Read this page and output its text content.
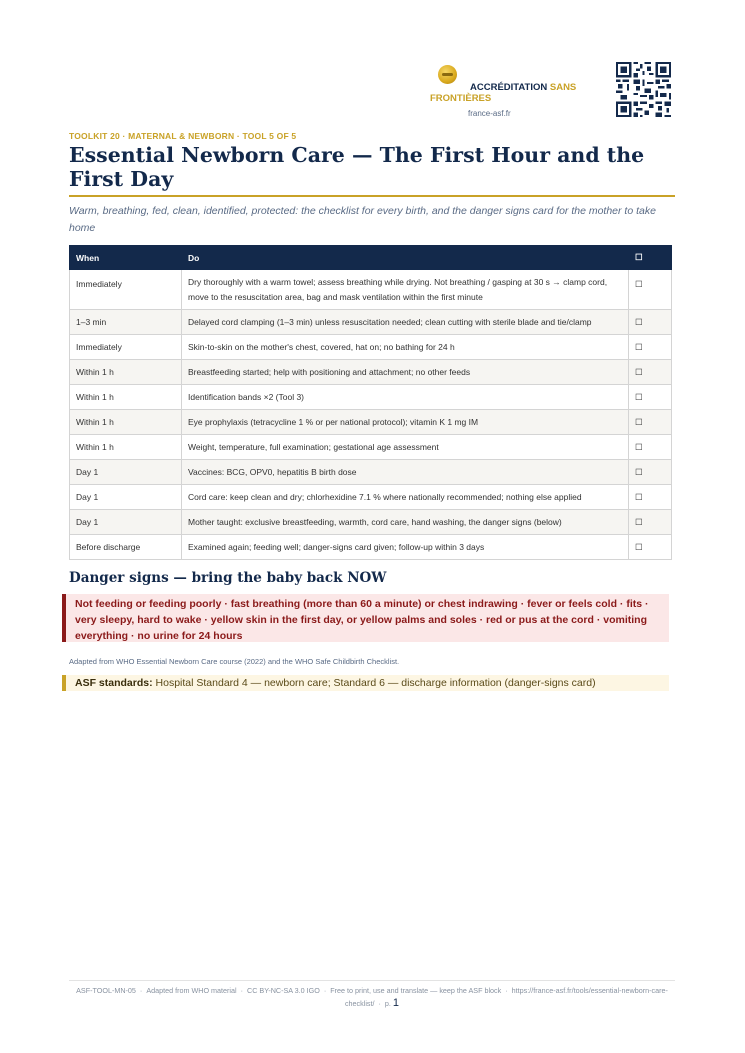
ACCRÉDITATION SANS FRONTIÈRES
france-asf.fr
TOOLKIT 20 · MATERNAL & NEWBORN · TOOL 5 OF 5
Essential Newborn Care — The First Hour and the First Day

Warm, breathing, fed, clean, identified, protected: the checklist for every birth, and the danger signs card for the mother to take home

When	Do	☐
Immediately	Dry thoroughly with a warm towel; assess breathing while drying. Not breathing / gasping at 30 s → clamp cord, move to the resuscitation area, bag and mask ventilation within the first minute	☐
1–3 min	Delayed cord clamping (1–3 min) unless resuscitation needed; clean cutting with sterile blade and tie/clamp	☐
Immediately	Skin-to-skin on the mother's chest, covered, hat on; no bathing for 24 h	☐
Within 1 h	Breastfeeding started; help with positioning and attachment; no other feeds	☐
Within 1 h	Identification bands ×2 (Tool 3)	☐
Within 1 h	Eye prophylaxis (tetracycline 1 % or per national protocol); vitamin K 1 mg IM	☐
Within 1 h	Weight, temperature, full examination; gestational age assessment	☐
Day 1	Vaccines: BCG, OPV0, hepatitis B birth dose	☐
Day 1	Cord care: keep clean and dry; chlorhexidine 7.1 % where nationally recommended; nothing else applied	☐
Day 1	Mother taught: exclusive breastfeeding, warmth, cord care, hand washing, the danger signs (below)	☐
Before discharge	Examined again; feeding well; danger-signs card given; follow-up within 3 days	☐
Danger signs — bring the baby back NOW
Not feeding or feeding poorly · fast breathing (more than 60 a minute) or chest indrawing · fever or feels cold · fits · very sleepy, hard to wake · yellow skin in the first day, or yellow palms and soles · red or pus at the cord · vomiting everything · no urine for 24 hours
Adapted from WHO Essential Newborn Care course (2022) and the WHO Safe Childbirth Checklist.
ASF standards: Hospital Standard 4 — newborn care; Standard 6 — discharge information (danger-signs card)
ASF-TOOL-MN-05 · Adapted from WHO material · CC BY-NC-SA 3.0 IGO · Free to print, use and translate — keep the ASF block · https://france-asf.fr/tools/essential-newborn-care-checklist/ · p. 1
